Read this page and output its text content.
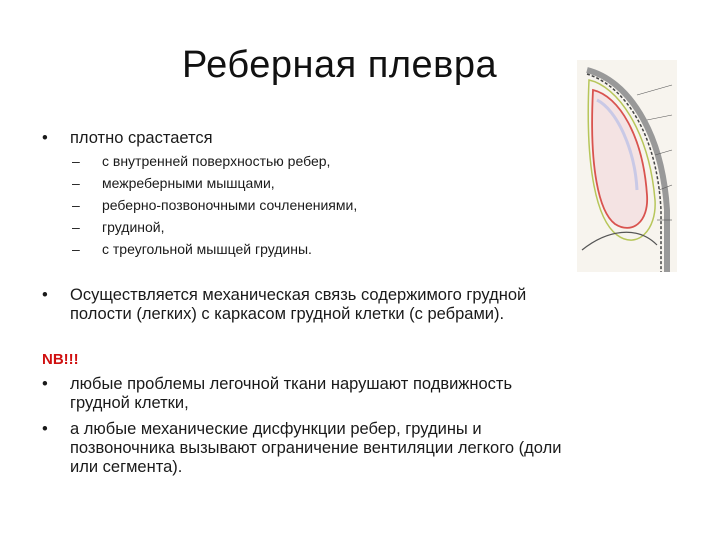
Реберная плевра
•	плотно срастается
–	с внутренней поверхностью ребер,
–	межреберными мышцами,
–	реберно-позвоночными сочленениями,
–	грудиной,
–	с треугольной мышцей грудины.
•	Осуществляется механическая связь содержимого грудной
полости (легких) с каркасом грудной клетки (с ребрами).
NB!!!
•	любые проблемы легочной ткани нарушают подвижность
грудной клетки,
•	а любые механические дисфункции ребер, грудины и
позвоночника вызывают ограничение вентиляции легкого (доли
или сегмента).
